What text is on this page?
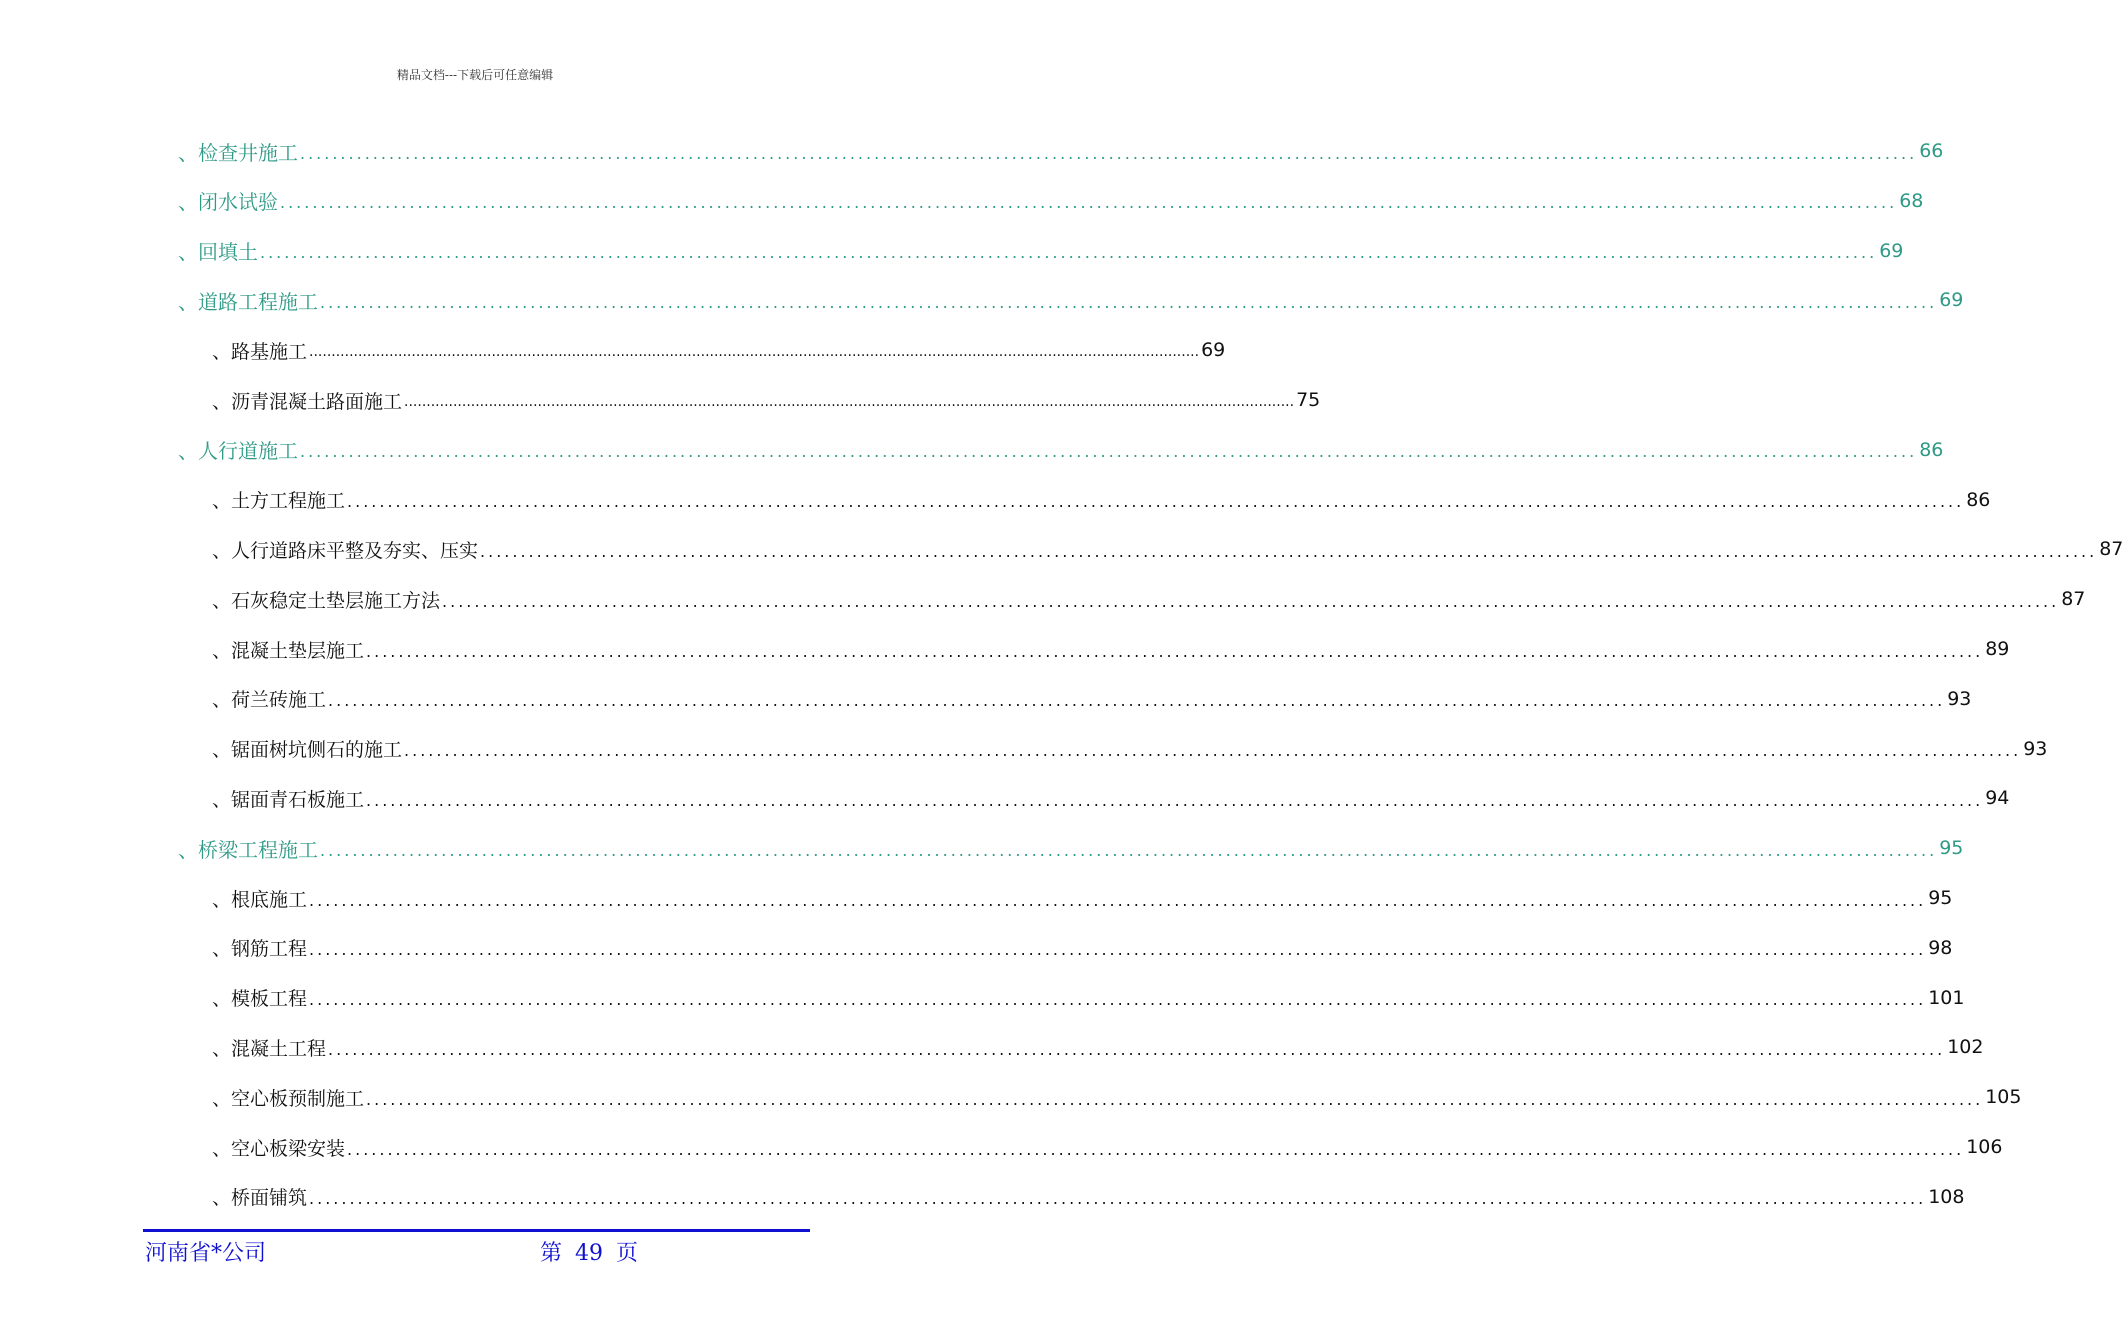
精品文档---下载后可任意编辑
、检查井施工 ........................................................................................................................................................................................................ 66
、闭水试验 ........................................................................................................................................................................................................ 68
、回填土 ........................................................................................................................................................................................................ 69
、道路工程施工 ........................................................................................................................................................................................................ 69
、路基施工 ........................................................................................................................................................................................................ 69
、沥青混凝土路面施工 ........................................................................................................................................................................................................ 75
、人行道施工 ........................................................................................................................................................................................................ 86
、土方工程施工 ........................................................................................................................................................................................................ 86
、人行道路床平整及夯实、压实 ........................................................................................................................................................................................................ 87
、石灰稳定土垫层施工方法 ........................................................................................................................................................................................................ 87
、混凝土垫层施工 ........................................................................................................................................................................................................ 89
、荷兰砖施工 ........................................................................................................................................................................................................ 93
、锯面树坑侧石的施工 ........................................................................................................................................................................................................ 93
、锯面青石板施工 ........................................................................................................................................................................................................ 94
、桥梁工程施工 ........................................................................................................................................................................................................ 95
、根底施工 ........................................................................................................................................................................................................ 95
、钢筋工程 ........................................................................................................................................................................................................ 98
、模板工程 ........................................................................................................................................................................................................ 101
、混凝土工程 ........................................................................................................................................................................................................ 102
、空心板预制施工 ........................................................................................................................................................................................................ 105
、空心板梁安装 ........................................................................................................................................................................................................ 106
、桥面铺筑 ........................................................................................................................................................................................................ 108
河南省*公司	第 49 页
